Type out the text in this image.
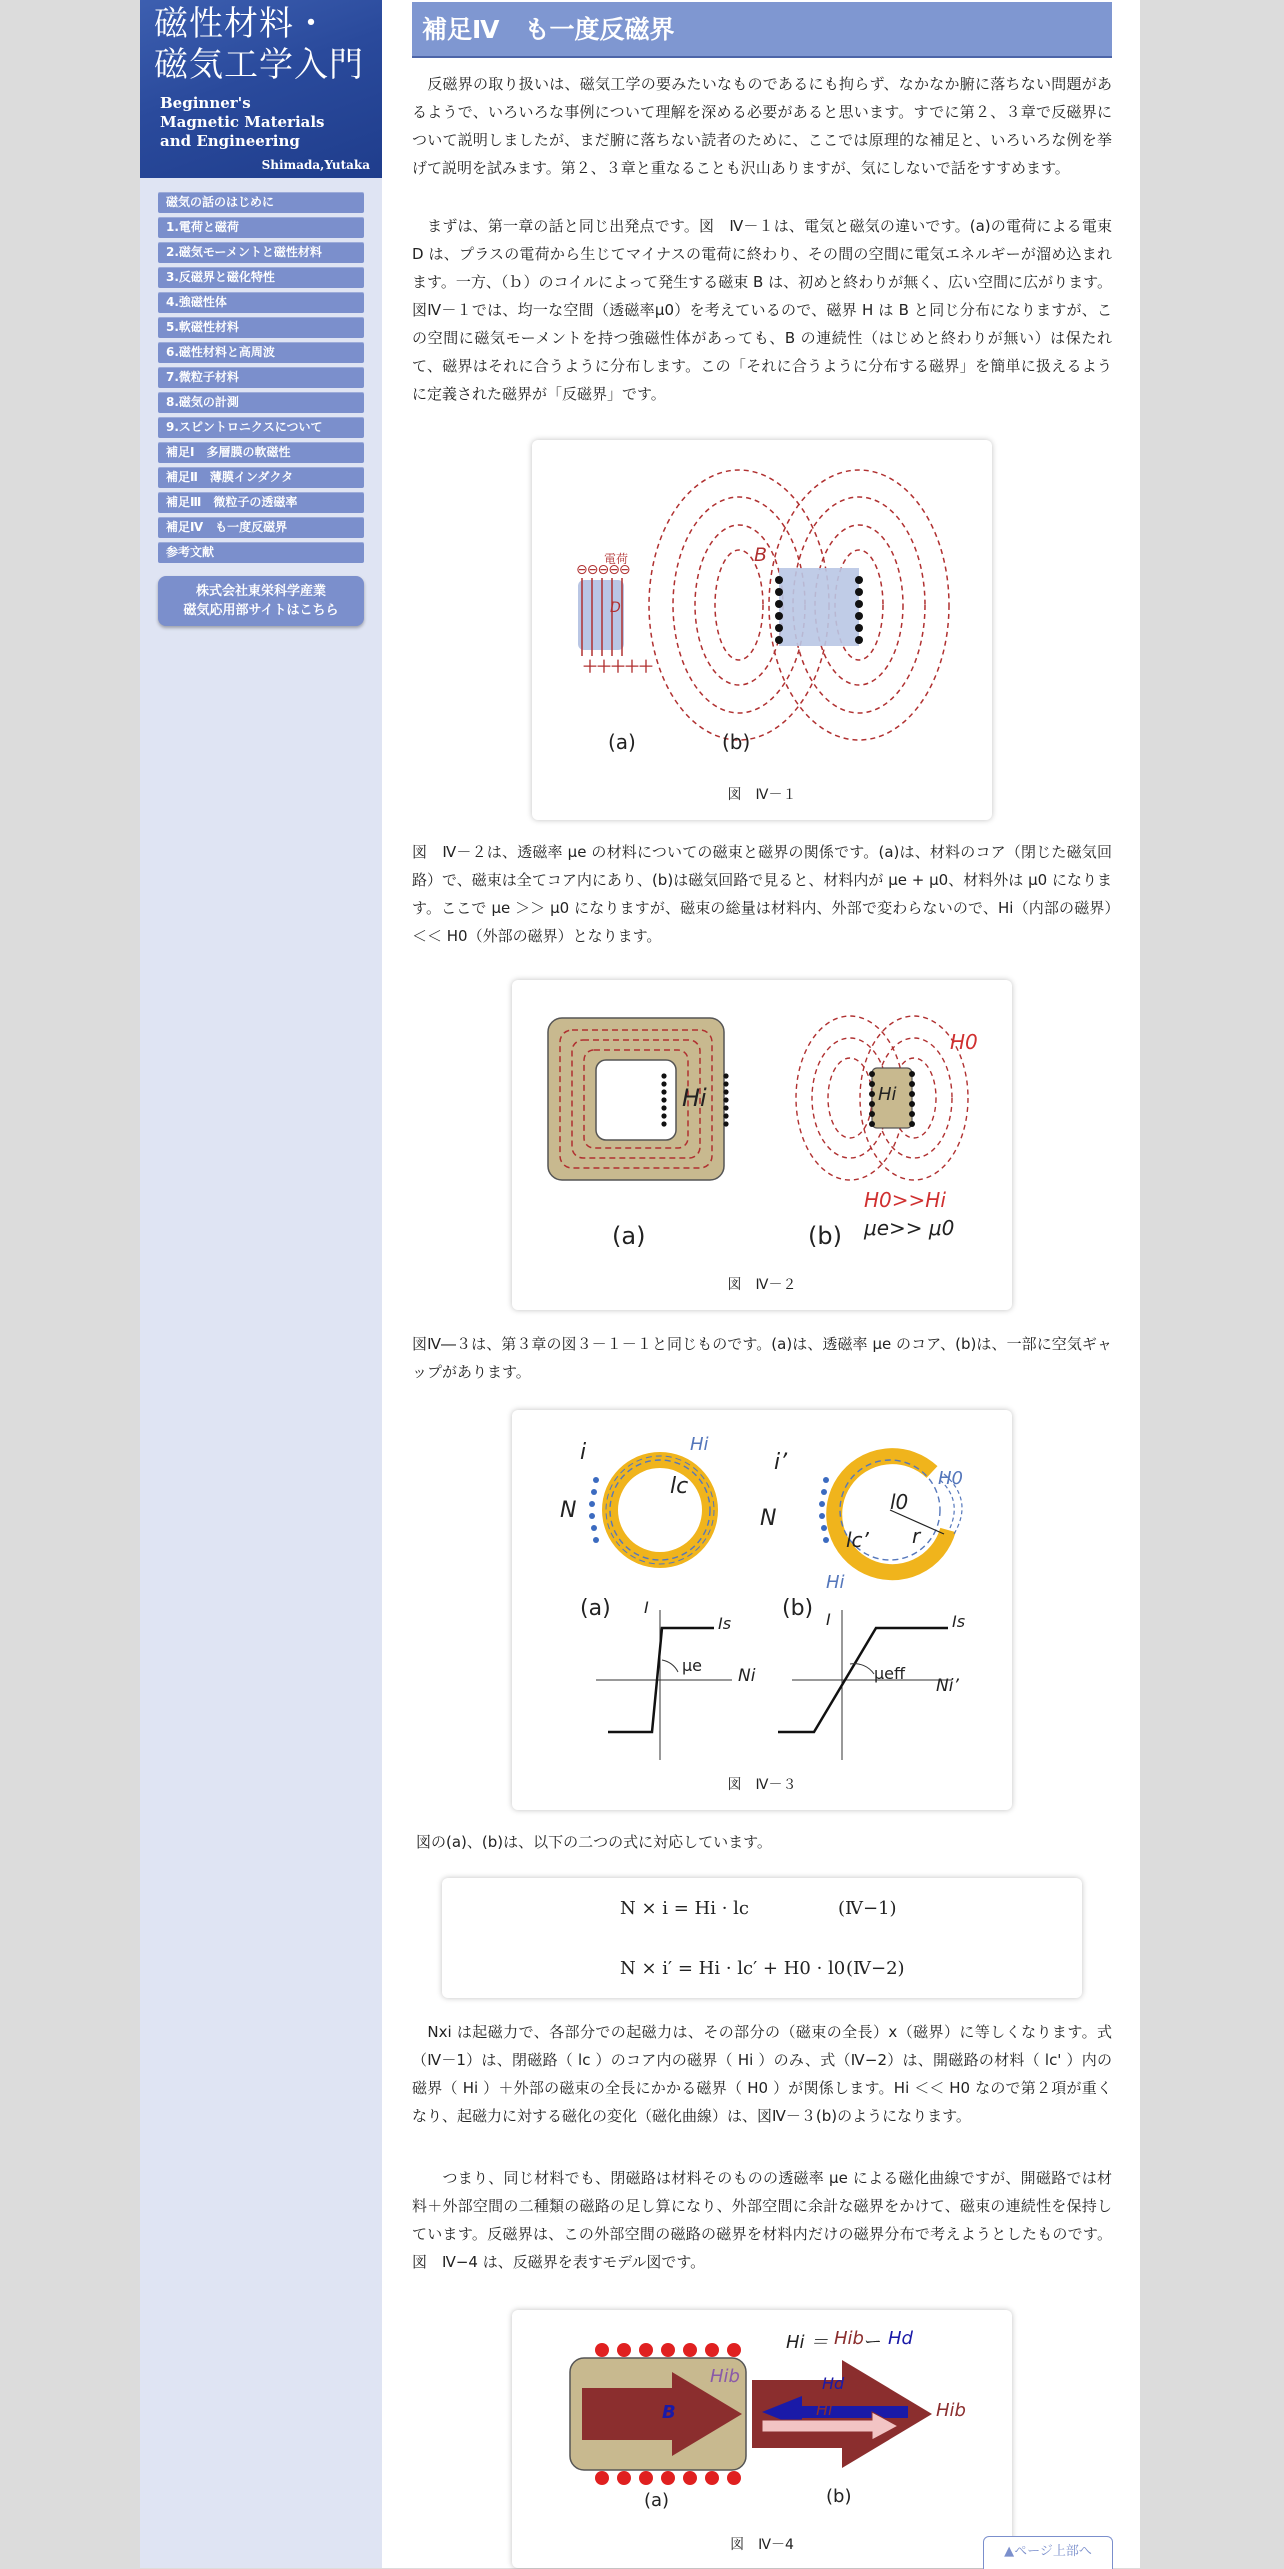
磁性材料・
磁気工学入門
Beginner's
Magnetic Materials
and Engineering
Shimada,Yutaka
磁気の話のはじめに
1.電荷と磁荷
2.磁気モーメントと磁性材料
3.反磁界と磁化特性
4.強磁性体
5.軟磁性材料
6.磁性材料と高周波
7.微粒子材料
8.磁気の計測
9.スピントロニクスについて
補足Ⅰ　多層膜の軟磁性
補足Ⅱ　薄膜インダクタ
補足Ⅲ　微粒子の透磁率
補足Ⅳ　も一度反磁界
参考文献
株式会社東栄科学産業
磁気応用部サイトはこちら
補足Ⅳ　も一度反磁界

　反磁界の取り扱いは、磁気工学の要みたいなものであるにも拘らず、なかなか腑に落ちない問題があるようで、いろいろな事例について理解を深める必要があると思います。すでに第２、３章で反磁界について説明しましたが、まだ腑に落ちない読者のために、ここでは原理的な補足と、いろいろな例を挙げて説明を試みます。第２、３章と重なることも沢山ありますが、気にしないで話をすすめます。

　まずは、第一章の話と同じ出発点です。図　Ⅳ－１は、電気と磁気の違いです。(a)の電荷による電束 D は、プラスの電荷から生じてマイナスの電荷に終わり、その間の空間に電気エネルギーが溜め込まれます。一方、（ｂ）のコイルによって発生する磁束 B は、初めと終わりが無く、広い空間に広がります。図Ⅳ－１では、均一な空間（透磁率μ0）を考えているので、磁界 H は B と同じ分布になりますが、この空間に磁気モーメントを持つ強磁性体があっても、B の連続性（はじめと終わりが無い）は保たれて、磁界はそれに合うように分布します。この「それに合うように分布する磁界」を簡単に扱えるように定義された磁界が「反磁界」です。

電荷
⊖⊖⊖⊖⊖
D
＋＋＋＋＋
B
(a)	(b)
図　Ⅳ－１

図　Ⅳ－２は、透磁率 μe の材料についての磁束と磁界の関係です。(a)は、材料のコア（閉じた磁気回路）で、磁束は全てコア内にあり、(b)は磁気回路で見ると、材料内が μe + μ0、材料外は μ0 になります。ここで μe ＞＞ μ0 になりますが、磁束の総量は材料内、外部で変わらないので、Hi（内部の磁界）＜＜ H0（外部の磁界）となります。

Hi	Hi
H0
H0>>Hi
μe>> μ0
(a)	(b)
図　Ⅳ－２

図Ⅳ―３は、第３章の図３－１－１と同じものです。(a)は、透磁率 μe のコア、(b)は、一部に空気ギャップがあります。

i
N
Hi
lc
i’
N
H0
l0
lc’ r
Hi
(a)	(b)
I
Is
μe
Ni
I	Is
μeff
Ni’
図　Ⅳ－３

図の(a)、(b)は、以下の二つの式に対応しています。

N × i = Hi · lc	(Ⅳ−1)
N × i′ = Hi · lc′ + H0 · l0 (Ⅳ−2)

　Nxi は起磁力で、各部分での起磁力は、その部分の（磁束の全長）x（磁界）に等しくなります。式（Ⅳ－1）は、閉磁路（ lc ）のコア内の磁界（ Hi ）のみ、式（Ⅳ−2）は、開磁路の材料（ lc' ）内の磁界（ Hi ）＋外部の磁束の全長にかかる磁界（ H0 ）が関係します。Hi ＜＜ H0 なので第２項が重くなり、起磁力に対する磁化の変化（磁化曲線）は、図Ⅳ－３(b)のようになります。

　　つまり、同じ材料でも、閉磁路は材料そのものの透磁率 μe による磁化曲線ですが、開磁路では材料＋外部空間の二種類の磁路の足し算になり、外部空間に余計な磁界をかけて、磁束の連続性を保持しています。反磁界は、この外部空間の磁路の磁界を材料内だけの磁界分布で考えようとしたものです。図　Ⅳ−4 は、反磁界を表すモデル図です。

Hi ＝ Hib ー Hd
Hib	Hd
Hi	Hib
B
(a)	(b)
図　Ⅳ－4	▲ページ上部へ
